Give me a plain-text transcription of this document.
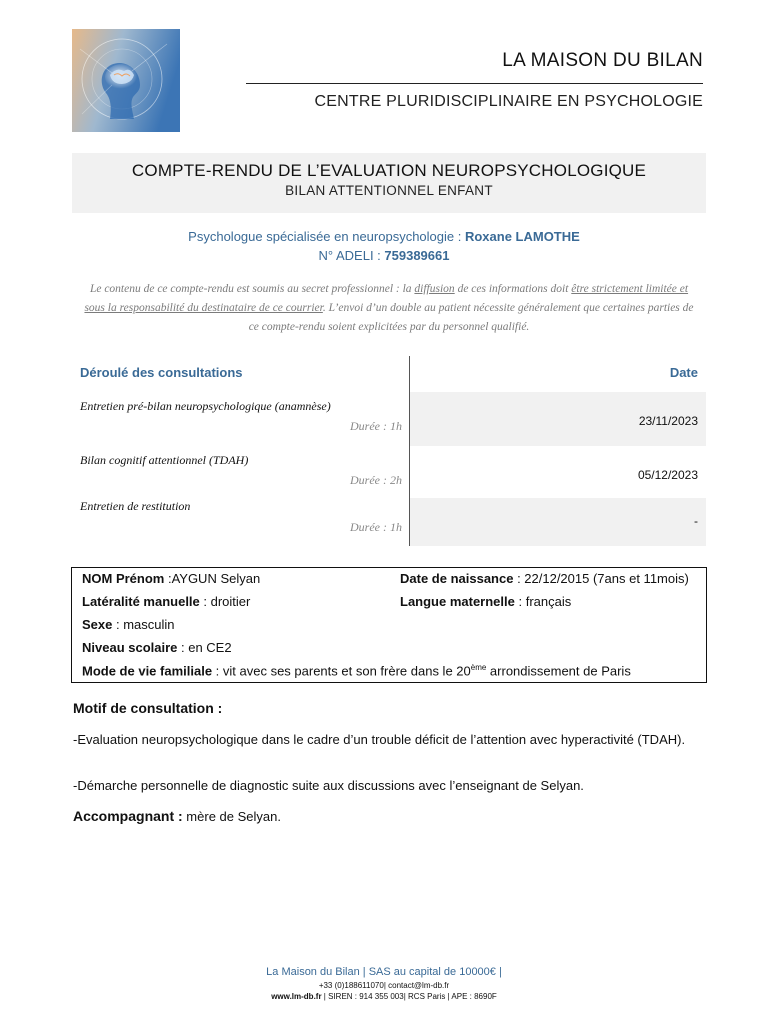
LA MAISON DU BILAN
CENTRE PLURIDISCIPLINAIRE EN PSYCHOLOGIE
COMPTE-RENDU DE L’EVALUATION NEUROPSYCHOLOGIQUE
BILAN ATTENTIONNEL ENFANT
Psychologue spécialisée en neuropsychologie : Roxane LAMOTHE
N° ADELI : 759389661
Le contenu de ce compte-rendu est soumis au secret professionnel : la diffusion de ces informations doit être strictement limitée et sous la responsabilité du destinataire de ce courrier. L’envoi d’un double au patient nécessite généralement que certaines parties de ce compte-rendu soient explicitées par du personnel qualifié.
Déroulé des consultations	Date
Entretien pré-bilan neuropsychologique (anamnèse)
Durée : 1h	23/11/2023
Bilan cognitif attentionnel (TDAH)
Durée : 2h	05/12/2023
Entretien de restitution
Durée : 1h	-
NOM Prénom :AYGUN Selyan	Date de naissance : 22/12/2015 (7ans et 11mois)
Latéralité manuelle : droitier	Langue maternelle : français
Sexe : masculin
Niveau scolaire : en CE2
Mode de vie familiale : vit avec ses parents et son frère dans le 20ème arrondissement de Paris
Motif de consultation :
-Evaluation neuropsychologique dans le cadre d’un trouble déficit de l’attention avec hyperactivité (TDAH).
-Démarche personnelle de diagnostic suite aux discussions avec l’enseignant de Selyan.
Accompagnant : mère de Selyan.
La Maison du Bilan | SAS au capital de 10000€ |
+33 (0)188611070| contact@lm-db.fr
www.lm-db.fr | SIREN : 914 355 003| RCS Paris | APE : 8690F
